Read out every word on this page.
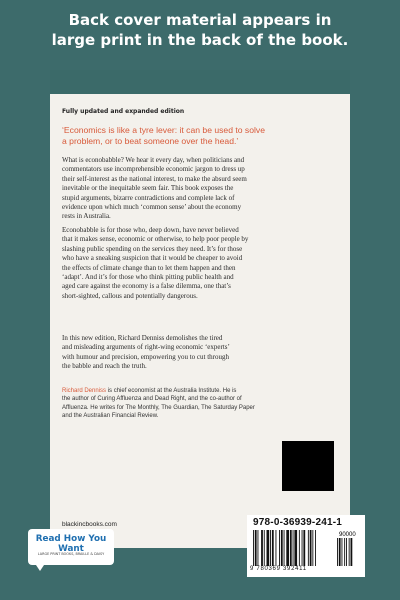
Back cover material appears in
large print in the back of the book.
Fully updated and expanded edition
‘Economics is like a tyre lever: it can be used to solve
a problem, or to beat someone over the head.’
What is econobabble? We hear it every day, when politicians and
commentators use incomprehensible economic jargon to dress up
their self-interest as the national interest, to make the absurd seem
inevitable or the inequitable seem fair. This book exposes the
stupid arguments, bizarre contradictions and complete lack of
evidence upon which much ‘common sense’ about the economy
rests in Australia.
Econobabble is for those who, deep down, have never believed
that it makes sense, economic or otherwise, to help poor people by
slashing public spending on the services they need. It’s for those
who have a sneaking suspicion that it would be cheaper to avoid
the effects of climate change than to let them happen and then
‘adapt’. And it’s for those who think pitting public health and
aged care against the economy is a false dilemma, one that’s
short-sighted, callous and potentially dangerous.
In this new edition, Richard Denniss demolishes the tired
and misleading arguments of right-wing economic ‘experts’
with humour and precision, empowering you to cut through
the babble and reach the truth.
Richard Denniss is chief economist at the Australia Institute. He is
the author of Curing Affluenza and Dead Right, and the co-author of
Affluenza. He writes for The Monthly, The Guardian, The Saturday Paper
and the Australian Financial Review.
blackincbooks.com	978-0-36939-241-1
90000
9 780369 392411
Read How You Want
LARGE PRINT BOOKS, BRAILLE & DAISY
